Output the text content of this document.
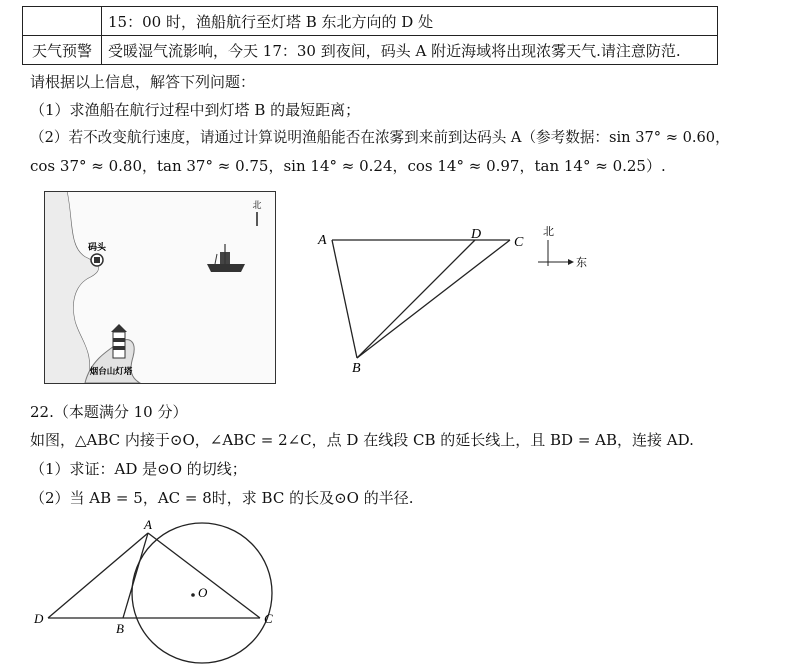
	15：00 时，渔船航行至灯塔 B 东北方向的 D 处
天气预警	受暖湿气流影响，今天 17：30 到夜间，码头 A 附近海域将出现浓雾天气.请注意防范.
请根据以上信息，解答下列问题：
（1）求渔船在航行过程中到灯塔 B 的最短距离；
（2）若不改变航行速度，请通过计算说明渔船能否在浓雾到来前到达码头 A（参考数据：sin 37° ≈ 0.60，
cos 37° ≈ 0.80，tan 37° ≈ 0.75，sin 14° ≈ 0.24，cos 14° ≈ 0.97，tan 14° ≈ 0.25）.
北
码头
烟台山灯塔
A	D
C
B
北
东
22.（本题满分 10 分）
如图，△ABC 内接于⊙O，∠ABC = 2∠C，点 D 在线段 CB 的延长线上，且 BD = AB，连接 AD.
（1）求证：AD 是⊙O 的切线；
（2）当 AB = 5，AC = 8时，求 BC 的长及⊙O 的半径.
A
D
B
C
O
